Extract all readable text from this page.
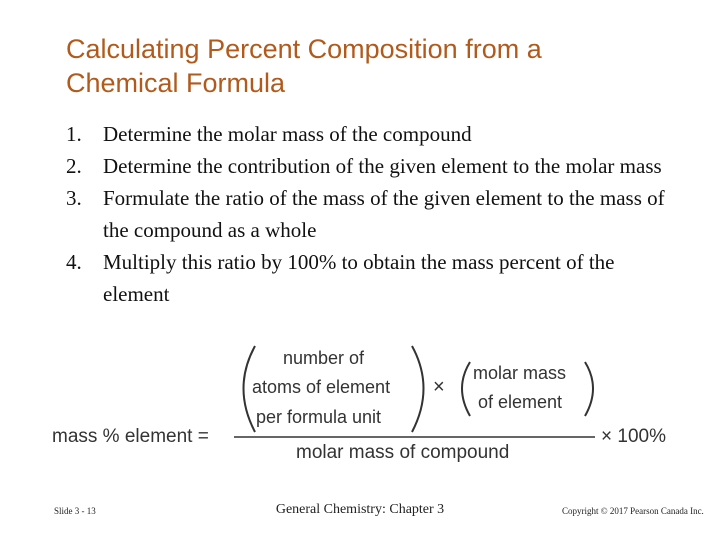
Calculating Percent Composition from a
Chemical Formula
1. Determine the molar mass of the compound
2. Determine the contribution of the given element to the molar mass
3. Formulate the ratio of the mass of the given element to the mass of the compound as a whole
4. Multiply this ratio by 100% to obtain the mass percent of the element
mass % element =
number of
atoms of element
per formula unit
×
molar mass
of element
molar mass of compound
× 100%
Slide 3 - 13	General Chemistry: Chapter 3	Copyright © 2017 Pearson Canada Inc.
